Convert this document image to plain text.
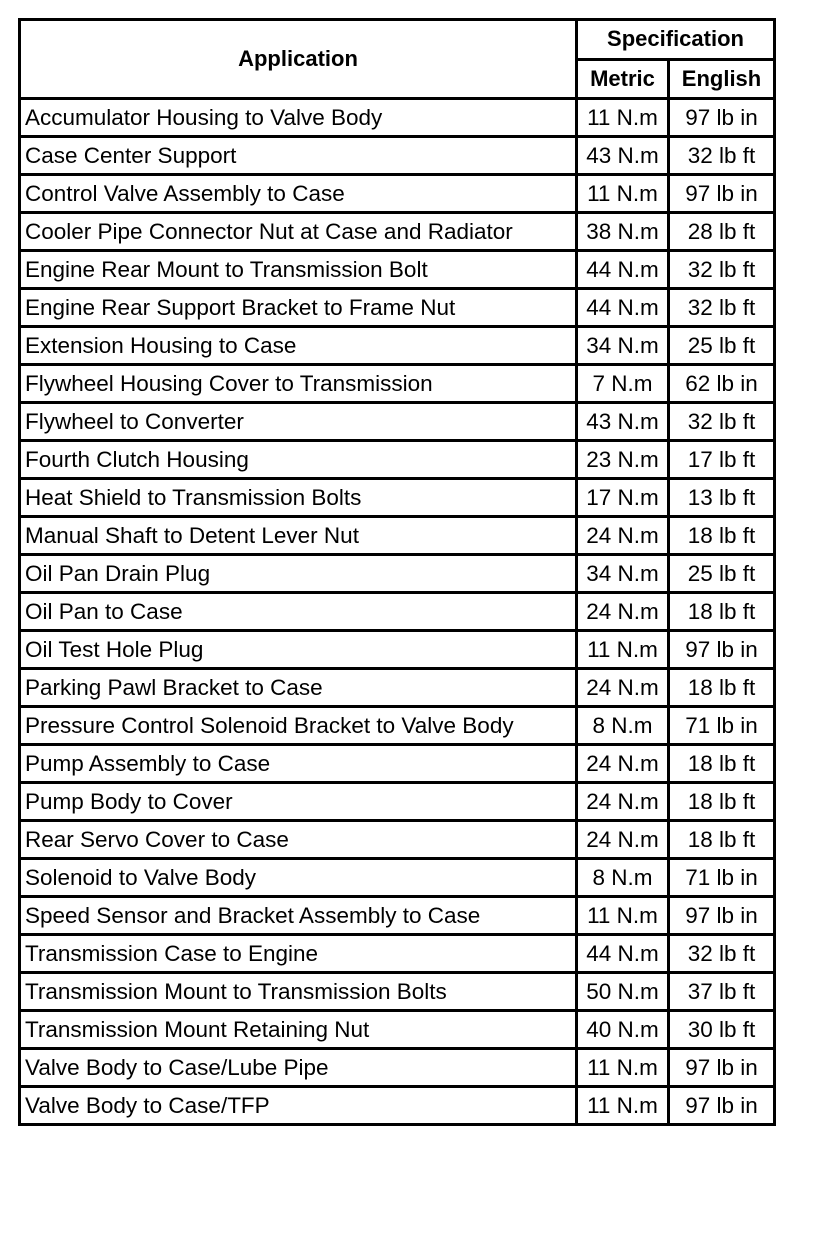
Application	Specification	
	Metric	English
Accumulator Housing to Valve Body	11 N.m	97 lb in
Case Center Support	43 N.m	32 lb ft
Control Valve Assembly to Case	11 N.m	97 lb in
Cooler Pipe Connector Nut at Case and Radiator	38 N.m	28 lb ft
Engine Rear Mount to Transmission Bolt	44 N.m	32 lb ft
Engine Rear Support Bracket to Frame Nut	44 N.m	32 lb ft
Extension Housing to Case	34 N.m	25 lb ft
Flywheel Housing Cover to Transmission	7 N.m	62 lb in
Flywheel to Converter	43 N.m	32 lb ft
Fourth Clutch Housing	23 N.m	17 lb ft
Heat Shield to Transmission Bolts	17 N.m	13 lb ft
Manual Shaft to Detent Lever Nut	24 N.m	18 lb ft
Oil Pan Drain Plug	34 N.m	25 lb ft
Oil Pan to Case	24 N.m	18 lb ft
Oil Test Hole Plug	11 N.m	97 lb in
Parking Pawl Bracket to Case	24 N.m	18 lb ft
Pressure Control Solenoid Bracket to Valve Body	8 N.m	71 lb in
Pump Assembly to Case	24 N.m	18 lb ft
Pump Body to Cover	24 N.m	18 lb ft
Rear Servo Cover to Case	24 N.m	18 lb ft
Solenoid to Valve Body	8 N.m	71 lb in
Speed Sensor and Bracket Assembly to Case	11 N.m	97 lb in
Transmission Case to Engine	44 N.m	32 lb ft
Transmission Mount to Transmission Bolts	50 N.m	37 lb ft
Transmission Mount Retaining Nut	40 N.m	30 lb ft
Valve Body to Case/Lube Pipe	11 N.m	97 lb in
Valve Body to Case/TFP	11 N.m	97 lb in
